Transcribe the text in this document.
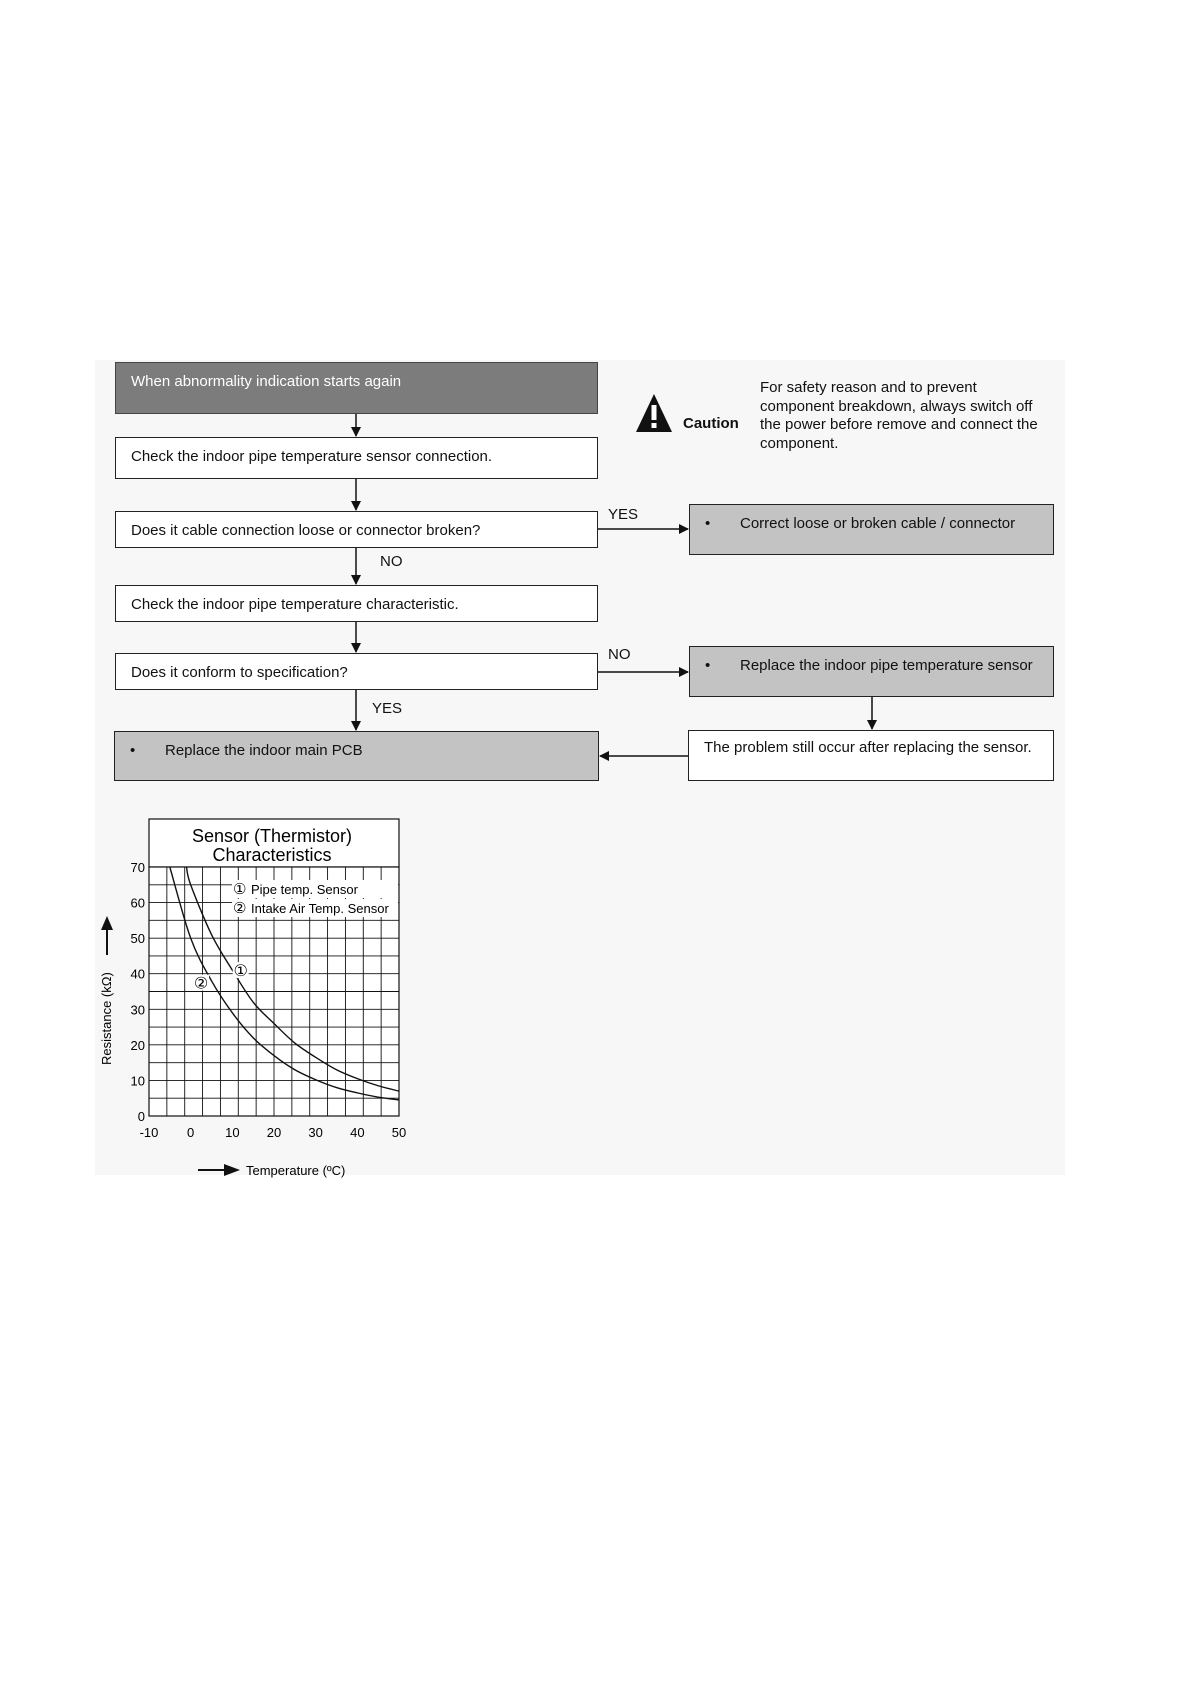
When abnormality indication starts again
Check the indoor pipe temperature sensor connection.
Does it cable connection loose or connector broken?	•	Correct loose or broken cable / connector
Check the indoor pipe temperature characteristic.
Does it conform to specification?	•	Replace the indoor pipe temperature sensor
•	Replace the indoor main PCB	The problem still occur after replacing the sensor.
YES
NO
NO
YES
Caution
For safety reason and to prevent component breakdown, always switch off the power before remove and connect the component.
Sensor (Thermistor)
Characteristics
0
10
20
30
40
50
60
70
-10 0 10 20 30 40 50
①
②
① Pipe temp. Sensor
② Intake Air Temp. Sensor
Resistance (kΩ)
Temperature (ºC)
